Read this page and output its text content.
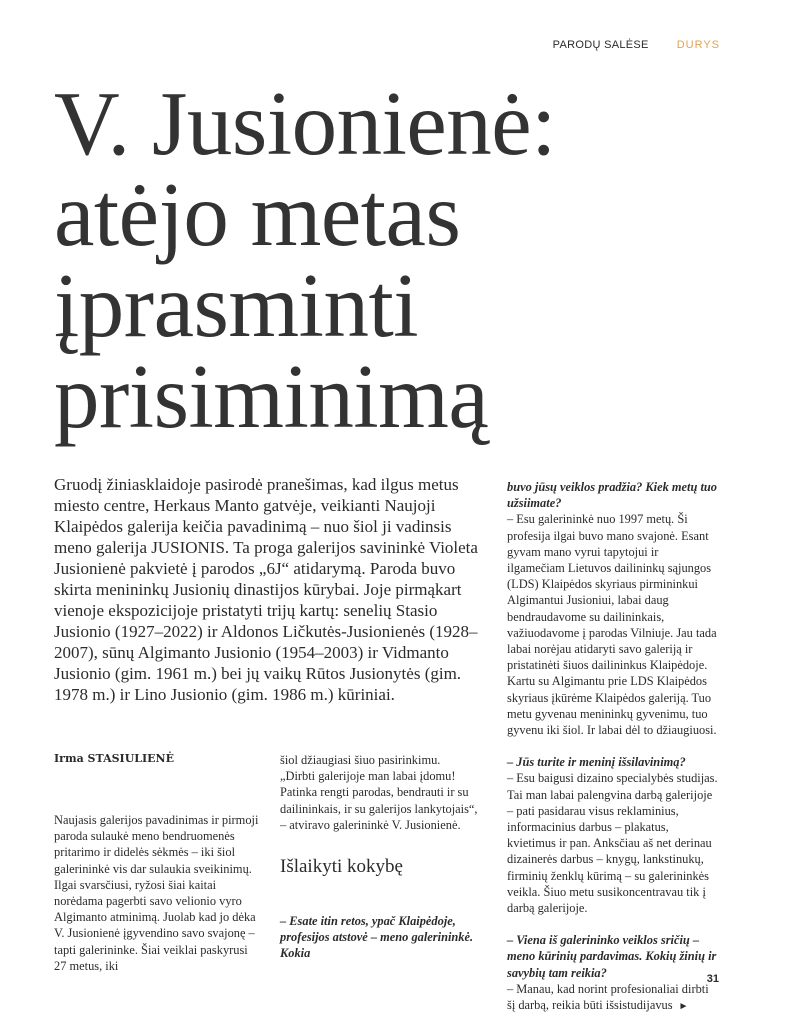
PARODŲ SALĖSE	DURYS
V. Jusionienė:
atėjo metas
įprasminti
prisiminimą

Gruodį žiniasklaidoje pasirodė pranešimas, kad ilgus metus miesto centre, Herkaus Manto gatvėje, veikianti Naujoji Klaipėdos galerija keičia pavadinimą – nuo šiol ji vadinsis meno galerija JUSIONIS. Ta proga galerijos savininkė Violeta Jusionienė pakvietė į parodos „6J“ atidarymą. Paroda buvo skirta menininkų Jusionių dinastijos kūrybai. Joje pirmąkart vienoje ekspozicijoje pristatyti trijų kartų: senelių Stasio Jusionio (1927–2022) ir Aldonos Ličkutės-Jusionienės (1928–2007), sūnų Algimanto Jusionio (1954–2003) ir Vidmanto Jusionio (gim. 1961 m.) bei jų vaikų Rūtos Jusionytės (gim. 1978 m.) ir Lino Jusionio (gim. 1986 m.) kūriniai.

Irma STASIULIENĖ

Naujasis galerijos pavadinimas ir pirmoji paroda sulaukė meno bendruomenės pritarimo ir didelės sėkmės – iki šiol galerininkė vis dar sulaukia sveikinimų. Ilgai svarsčiusi, ryžosi šiai kaitai norėdama pagerbti savo velionio vyro Algimanto atminimą. Juolab kad jo dėka V. Jusionienė įgyvendino savo svajonę – tapti galerininke. Šiai veiklai paskyrusi 27 metus, iki

šiol džiaugiasi šiuo pasirinkimu. „Dirbti galerijoje man labai įdomu! Patinka rengti parodas, bendrauti ir su dailininkais, ir su galerijos lankytojais“, – atviravo galerininkė V. Jusionienė.

Išlaikyti kokybę

– Esate itin retos, ypač Klaipėdoje, profesijos atstovė – meno galerininkė. Kokia

buvo jūsų veiklos pradžia? Kiek metų tuo užsiimate?

– Esu galerininkė nuo 1997 metų. Ši profesija ilgai buvo mano svajonė. Esant gyvam mano vyrui tapytojui ir ilgamečiam Lietuvos dailininkų sąjungos (LDS) Klaipėdos skyriaus pirmininkui Algimantui Jusioniui, labai daug bendraudavome su dailininkais, važiuodavome į parodas Vilniuje. Jau tada labai norėjau atidaryti savo galeriją ir pristatinėti šiuos dailininkus Klaipėdoje. Kartu su Algimantu prie LDS Klaipėdos skyriaus įkūrėme Klaipėdos galeriją. Tuo metu gyvenau menininkų gyvenimu, tuo gyvenu iki šiol. Ir labai dėl to džiaugiuosi.

– Jūs turite ir meninį išsilavinimą?

– Esu baigusi dizaino specialybės studijas. Tai man labai palengvina darbą galerijoje – pati pasidarau visus reklaminius, informacinius darbus – plakatus, kvietimus ir pan. Anksčiau aš net derinau dizainerės darbus – knygų, lankstinukų, firminių ženklų kūrimą – su galerininkės veikla. Šiuo metu susikoncentravau tik į darbą galerijoje.

– Viena iš galerininko veiklos sričių – meno kūrinių pardavimas. Kokių žinių ir savybių tam reikia?

– Manau, kad norint profesionaliai dirbti šį darbą, reikia būti išsistudijavus ►

31
